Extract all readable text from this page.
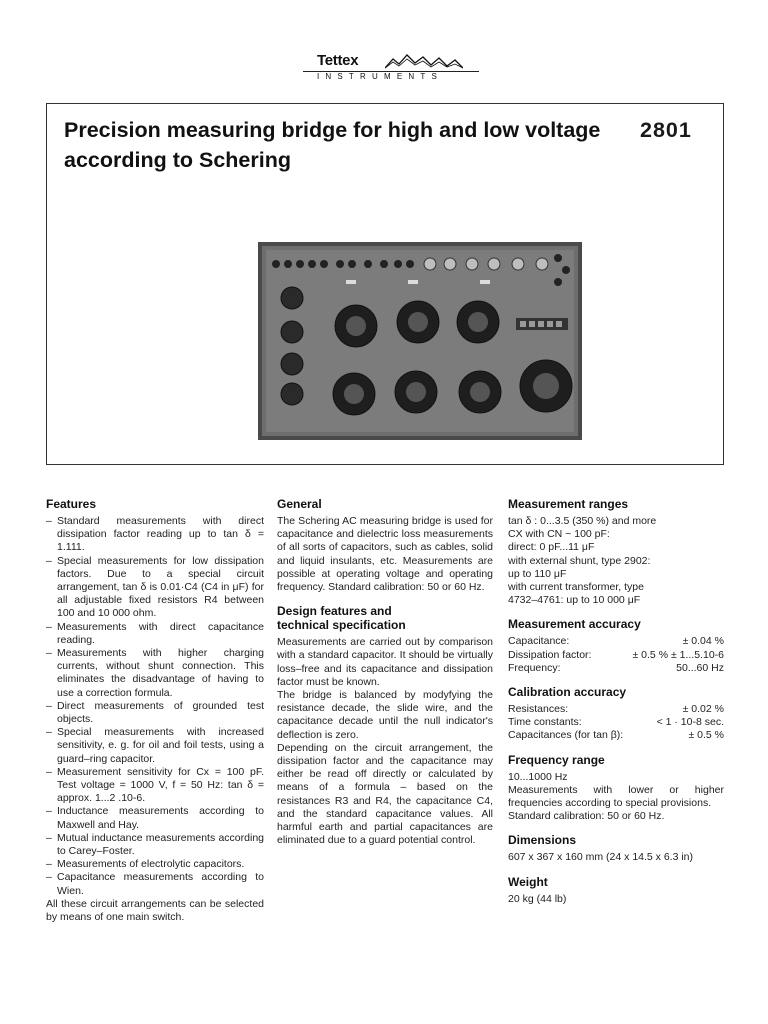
Tettex
INSTRUMENTS
Precision measuring bridge for high and low voltage according to Schering
2801
Features
– Standard measurements with direct dissipation factor reading up to tan δ = 1.111.
– Special measurements for low dissipation factors. Due to a special circuit arrangement, tan δ is 0.01·C4 (C4 in μF) for all adjustable fixed resistors R4 between 100 and 10 000 ohm.
– Measurements with direct capacitance reading.
– Measurements with higher charging currents, without shunt connection. This eliminates the disadvantage of having to use a correction formula.
– Direct measurements of grounded test objects.
– Special measurements with increased sensitivity, e. g. for oil and foil tests, using a guard–ring capacitor.
– Measurement sensitivity for Cx = 100 pF. Test voltage = 1000 V, f = 50 Hz: tan δ = approx. 1...2 .10-6.
– Inductance measurements according to Maxwell and Hay.
– Mutual inductance measurements according to Carey–Foster.
– Measurements of electrolytic capacitors.
– Capacitance measurements according to Wien.
All these circuit arrangements can be selected by means of one main switch.
General
The Schering AC measuring bridge is used for capacitance and dielectric loss measurements of all sorts of capacitors, such as cables, solid and liquid insulants, etc. Measurements are possible at operating voltage and operating frequency. Standard calibration: 50 or 60 Hz.
Design features and
technical specification
Measurements are carried out by comparison with a standard capacitor. It should be virtually loss–free and its capacitance and dissipation factor must be known.
The bridge is balanced by modyfying the resistance decade, the slide wire, and the capacitance decade until the null indicator's deflection is zero.
Depending on the circuit arrangement, the dissipation factor and the capacitance may either be read off directly or calculated by means of a formula – based on the resistances R3 and R4, the capacitance C4, and the standard capacitance values. All harmful earth and partial capacitances are eliminated due to a guard potential control.
Measurement ranges
tan δ : 0...3.5 (350 %) and more
CX with CN ~ 100 pF:
direct: 0 pF...11 μF
with external shunt, type 2902:
up to 110 μF
with current transformer, type
4732–4761: up to 10 000 μF
Measurement accuracy
Capacitance:	± 0.04 %
Dissipation factor:	± 0.5 % ± 1...5.10-6
Frequency:	50...60 Hz
Calibration accuracy
Resistances:	± 0.02 %
Time constants:	< 1 · 10-8 sec.
Capacitances (for tan β):	± 0.5 %
Frequency range
10...1000 Hz
Measurements with lower or higher frequencies according to special provisions.
Standard calibration: 50 or 60 Hz.
Dimensions
607 x 367 x 160 mm (24 x 14.5 x 6.3 in)
Weight
20 kg (44 lb)
